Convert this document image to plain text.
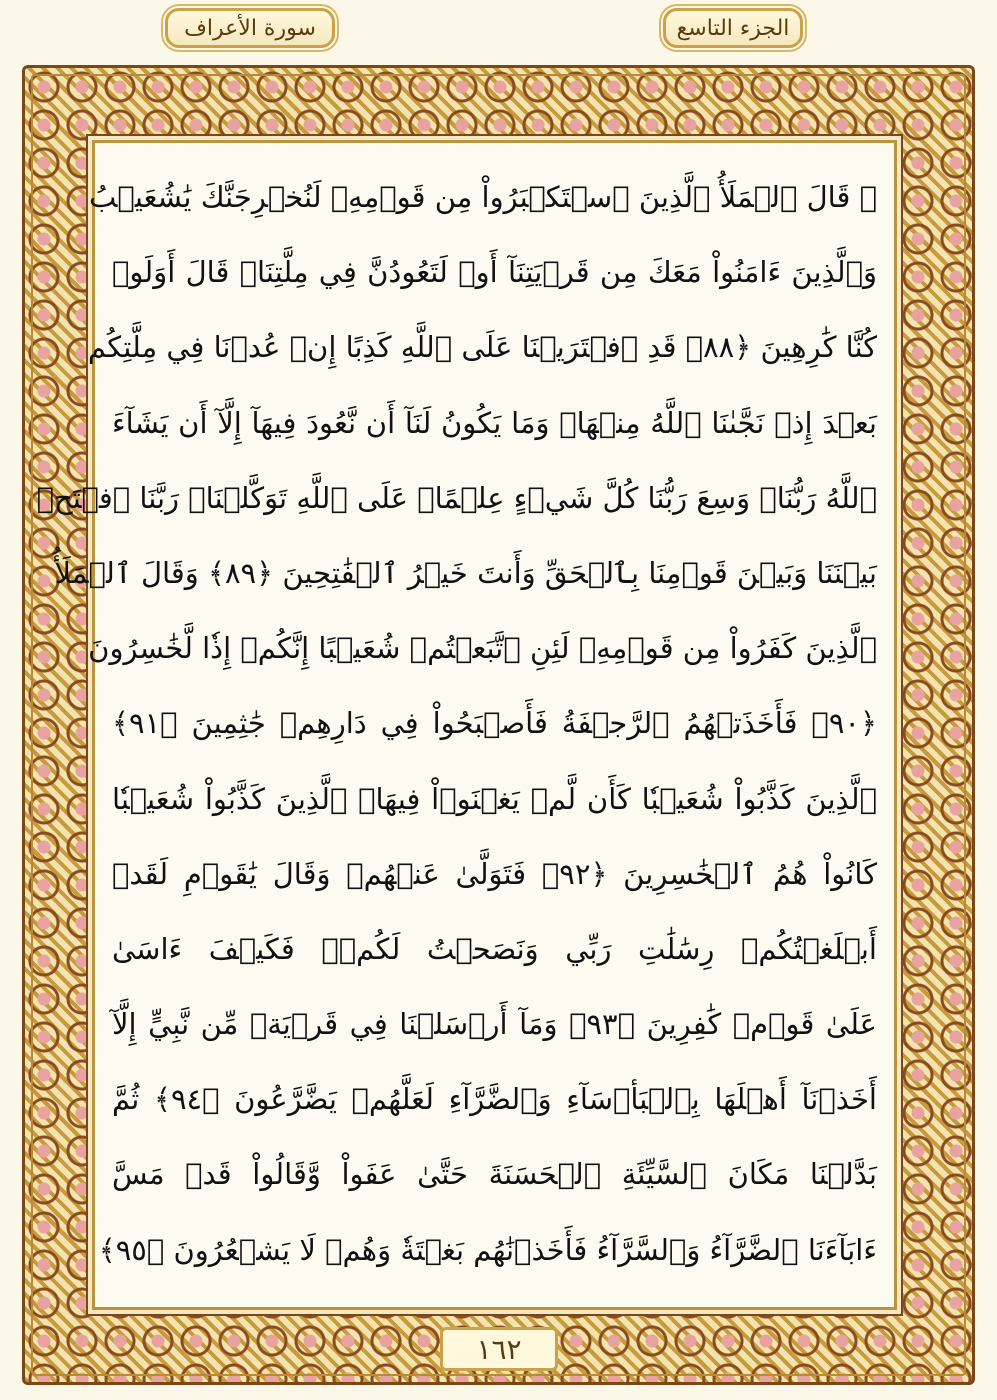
الجزء التاسع
سورة الأعراف
۞ قَالَ ٱلۡمَلَأُ ٱلَّذِينَ ٱسۡتَكۡبَرُواْ مِن قَوۡمِهِۦ لَنُخۡرِجَنَّكَ يَٰشُعَيۡبُ
وَٱلَّذِينَ ءَامَنُواْ مَعَكَ مِن قَرۡيَتِنَآ أَوۡ لَتَعُودُنَّ فِي مِلَّتِنَاۚ قَالَ أَوَلَوۡ
كُنَّا كَٰرِهِينَ ﴿٨٨﴾ قَدِ ٱفۡتَرَيۡنَا عَلَى ٱللَّهِ كَذِبًا إِنۡ عُدۡنَا فِي مِلَّتِكُم
بَعۡدَ إِذۡ نَجَّىٰنَا ٱللَّهُ مِنۡهَاۚ وَمَا يَكُونُ لَنَآ أَن نَّعُودَ فِيهَآ إِلَّآ أَن يَشَآءَ
ٱللَّهُ رَبُّنَاۚ وَسِعَ رَبُّنَا كُلَّ شَيۡءٍ عِلۡمًاۚ عَلَى ٱللَّهِ تَوَكَّلۡنَاۚ رَبَّنَا ٱفۡتَحۡ
بَيۡنَنَا وَبَيۡنَ قَوۡمِنَا بِٱلۡحَقِّ وَأَنتَ خَيۡرُ ٱلۡفَٰتِحِينَ ﴿٨٩﴾ وَقَالَ ٱلۡمَلَأُ
ٱلَّذِينَ كَفَرُواْ مِن قَوۡمِهِۦ لَئِنِ ٱتَّبَعۡتُمۡ شُعَيۡبًا إِنَّكُمۡ إِذٗا لَّخَٰسِرُونَ
﴿٩٠﴾ فَأَخَذَتۡهُمُ ٱلرَّجۡفَةُ فَأَصۡبَحُواْ فِي دَارِهِمۡ جَٰثِمِينَ ﴿٩١﴾
ٱلَّذِينَ كَذَّبُواْ شُعَيۡبٗا كَأَن لَّمۡ يَغۡنَوۡاْ فِيهَاۚ ٱلَّذِينَ كَذَّبُواْ شُعَيۡبٗا
كَانُواْ هُمُ ٱلۡخَٰسِرِينَ ﴿٩٢﴾ فَتَوَلَّىٰ عَنۡهُمۡ وَقَالَ يَٰقَوۡمِ لَقَدۡ
أَبۡلَغۡتُكُمۡ رِسَٰلَٰتِ رَبِّي وَنَصَحۡتُ لَكُمۡۖ فَكَيۡفَ ءَاسَىٰ
عَلَىٰ قَوۡمٖ كَٰفِرِينَ ﴿٩٣﴾ وَمَآ أَرۡسَلۡنَا فِي قَرۡيَةٖ مِّن نَّبِيٍّ إِلَّآ
أَخَذۡنَآ أَهۡلَهَا بِٱلۡبَأۡسَآءِ وَٱلضَّرَّآءِ لَعَلَّهُمۡ يَضَّرَّعُونَ ﴿٩٤﴾ ثُمَّ
بَدَّلۡنَا مَكَانَ ٱلسَّيِّئَةِ ٱلۡحَسَنَةَ حَتَّىٰ عَفَواْ وَّقَالُواْ قَدۡ مَسَّ
ءَابَآءَنَا ٱلضَّرَّآءُ وَٱلسَّرَّآءُ فَأَخَذۡنَٰهُم بَغۡتَةٗ وَهُمۡ لَا يَشۡعُرُونَ ﴿٩٥﴾
١٦٢
